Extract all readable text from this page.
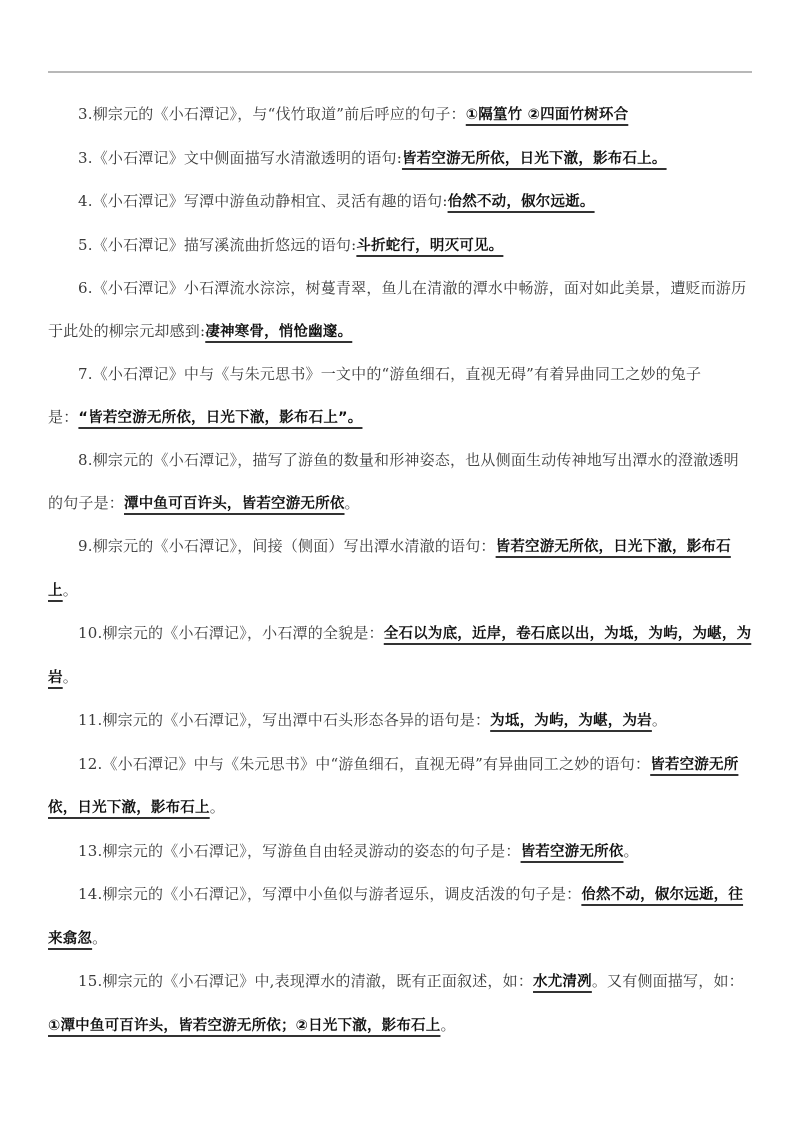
3.柳宗元的《小石潭记》，与“伐竹取道”前后呼应的句子：①隔篁竹 ②四面竹树环合

3.《小石潭记》文中侧面描写水清澈透明的语句:皆若空游无所依，日光下澈，影布石上。

4.《小石潭记》写潭中游鱼动静相宜、灵活有趣的语句:佁然不动，俶尔远逝。

5.《小石潭记》描写溪流曲折悠远的语句:斗折蛇行，明灭可见。

6.《小石潭记》小石潭流水淙淙，树蔓青翠，鱼儿在清澈的潭水中畅游，面对如此美景，遭贬而游历于此处的柳宗元却感到:凄神寒骨，悄怆幽邃。

7.《小石潭记》中与《与朱元思书》一文中的“游鱼细石，直视无碍”有着异曲同工之妙的兔子是：“皆若空游无所依，日光下澈，影布石上”。

8.柳宗元的《小石潭记》，描写了游鱼的数量和形神姿态，也从侧面生动传神地写出潭水的澄澈透明的句子是：潭中鱼可百许头，皆若空游无所依。

9.柳宗元的《小石潭记》，间接（侧面）写出潭水清澈的语句：皆若空游无所依，日光下澈，影布石上。

10.柳宗元的《小石潭记》，小石潭的全貌是：全石以为底，近岸，卷石底以出，为坻，为屿，为嵁，为岩。

11.柳宗元的《小石潭记》，写出潭中石头形态各异的语句是：为坻，为屿，为嵁，为岩。

12.《小石潭记》中与《朱元思书》中“游鱼细石，直视无碍”有异曲同工之妙的语句：皆若空游无所依，日光下澈，影布石上。

13.柳宗元的《小石潭记》，写游鱼自由轻灵游动的姿态的句子是：皆若空游无所依。

14.柳宗元的《小石潭记》，写潭中小鱼似与游者逗乐，调皮活泼的句子是：佁然不动，俶尔远逝，往来翕忽。

15.柳宗元的《小石潭记》中,表现潭水的清澈，既有正面叙述，如：水尤清冽。又有侧面描写，如：①潭中鱼可百许头，皆若空游无所依；②日光下澈，影布石上。
